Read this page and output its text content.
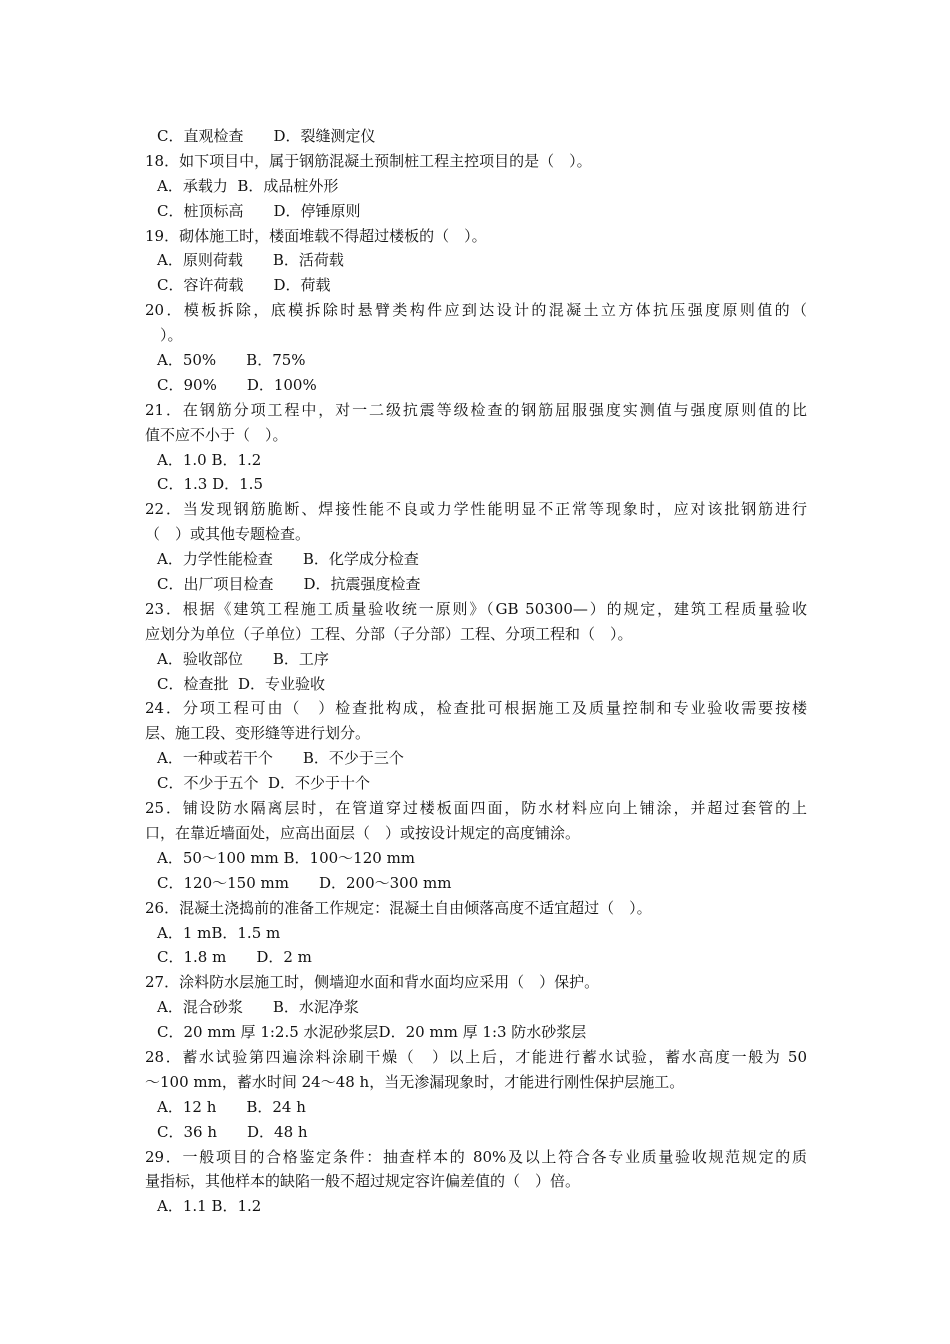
C．直观检查　　D．裂缝测定仪
18．如下项目中，属于钢筋混凝土预制桩工程主控项目的是（　）。
A．承载力  B．成品桩外形
C．桩顶标高　　D．停锤原则
19．砌体施工时，楼面堆载不得超过楼板的（　）。
A．原则荷载　　B．活荷载
C．容许荷载　　D．荷载
20．模板拆除，底模拆除时悬臂类构件应到达设计的混凝土立方体抗压强度原则值的（
　）。
A．50%　　B．75%
C．90%　　D．100%
21．在钢筋分项工程中，对一二级抗震等级检查的钢筋屈服强度实测值与强度原则值的比
值不应不小于（　）。
A．1.0 B．1.2
C．1.3 D．1.5
22．当发现钢筋脆断、焊接性能不良或力学性能明显不正常等现象时，应对该批钢筋进行
（　）或其他专题检查。
A．力学性能检查　　B．化学成分检查
C．出厂项目检查　　D．抗震强度检查
23．根据《建筑工程施工质量验收统一原则》（GB 50300—）的规定，建筑工程质量验收
应划分为单位（子单位）工程、分部（子分部）工程、分项工程和（　）。
A．验收部位　　B．工序
C．检查批  D．专业验收
24．分项工程可由（　）检查批构成，检查批可根据施工及质量控制和专业验收需要按楼
层、施工段、变形缝等进行划分。
A．一种或若干个　　B．不少于三个
C．不少于五个  D．不少于十个
25．铺设防水隔离层时，在管道穿过楼板面四面，防水材料应向上铺涂，并超过套管的上
口，在靠近墙面处，应高出面层（　）或按设计规定的高度铺涂。
A．50～100 mm B．100～120 mm
C．120～150 mm　　D．200～300 mm
26．混凝土浇捣前的准备工作规定：混凝土自由倾落高度不适宜超过（　）。
A．1 mB．1.5 m
C．1.8 m　　D．2 m
27．涂料防水层施工时，侧墙迎水面和背水面均应采用（　）保护。
A．混合砂浆　　B．水泥净浆
C．20 mm 厚 1:2.5 水泥砂浆层D．20 mm 厚 1:3 防水砂浆层
28．蓄水试验第四遍涂料涂刷干燥（　）以上后，才能进行蓄水试验，蓄水高度一般为 50
～100 mm，蓄水时间 24～48 h，当无渗漏现象时，才能进行刚性保护层施工。
A．12 h　　B．24 h
C．36 h　　D．48 h
29．一般项目的合格鉴定条件：抽查样本的 80%及以上符合各专业质量验收规范规定的质
量指标，其他样本的缺陷一般不超过规定容许偏差值的（　）倍。
A．1.1 B．1.2
